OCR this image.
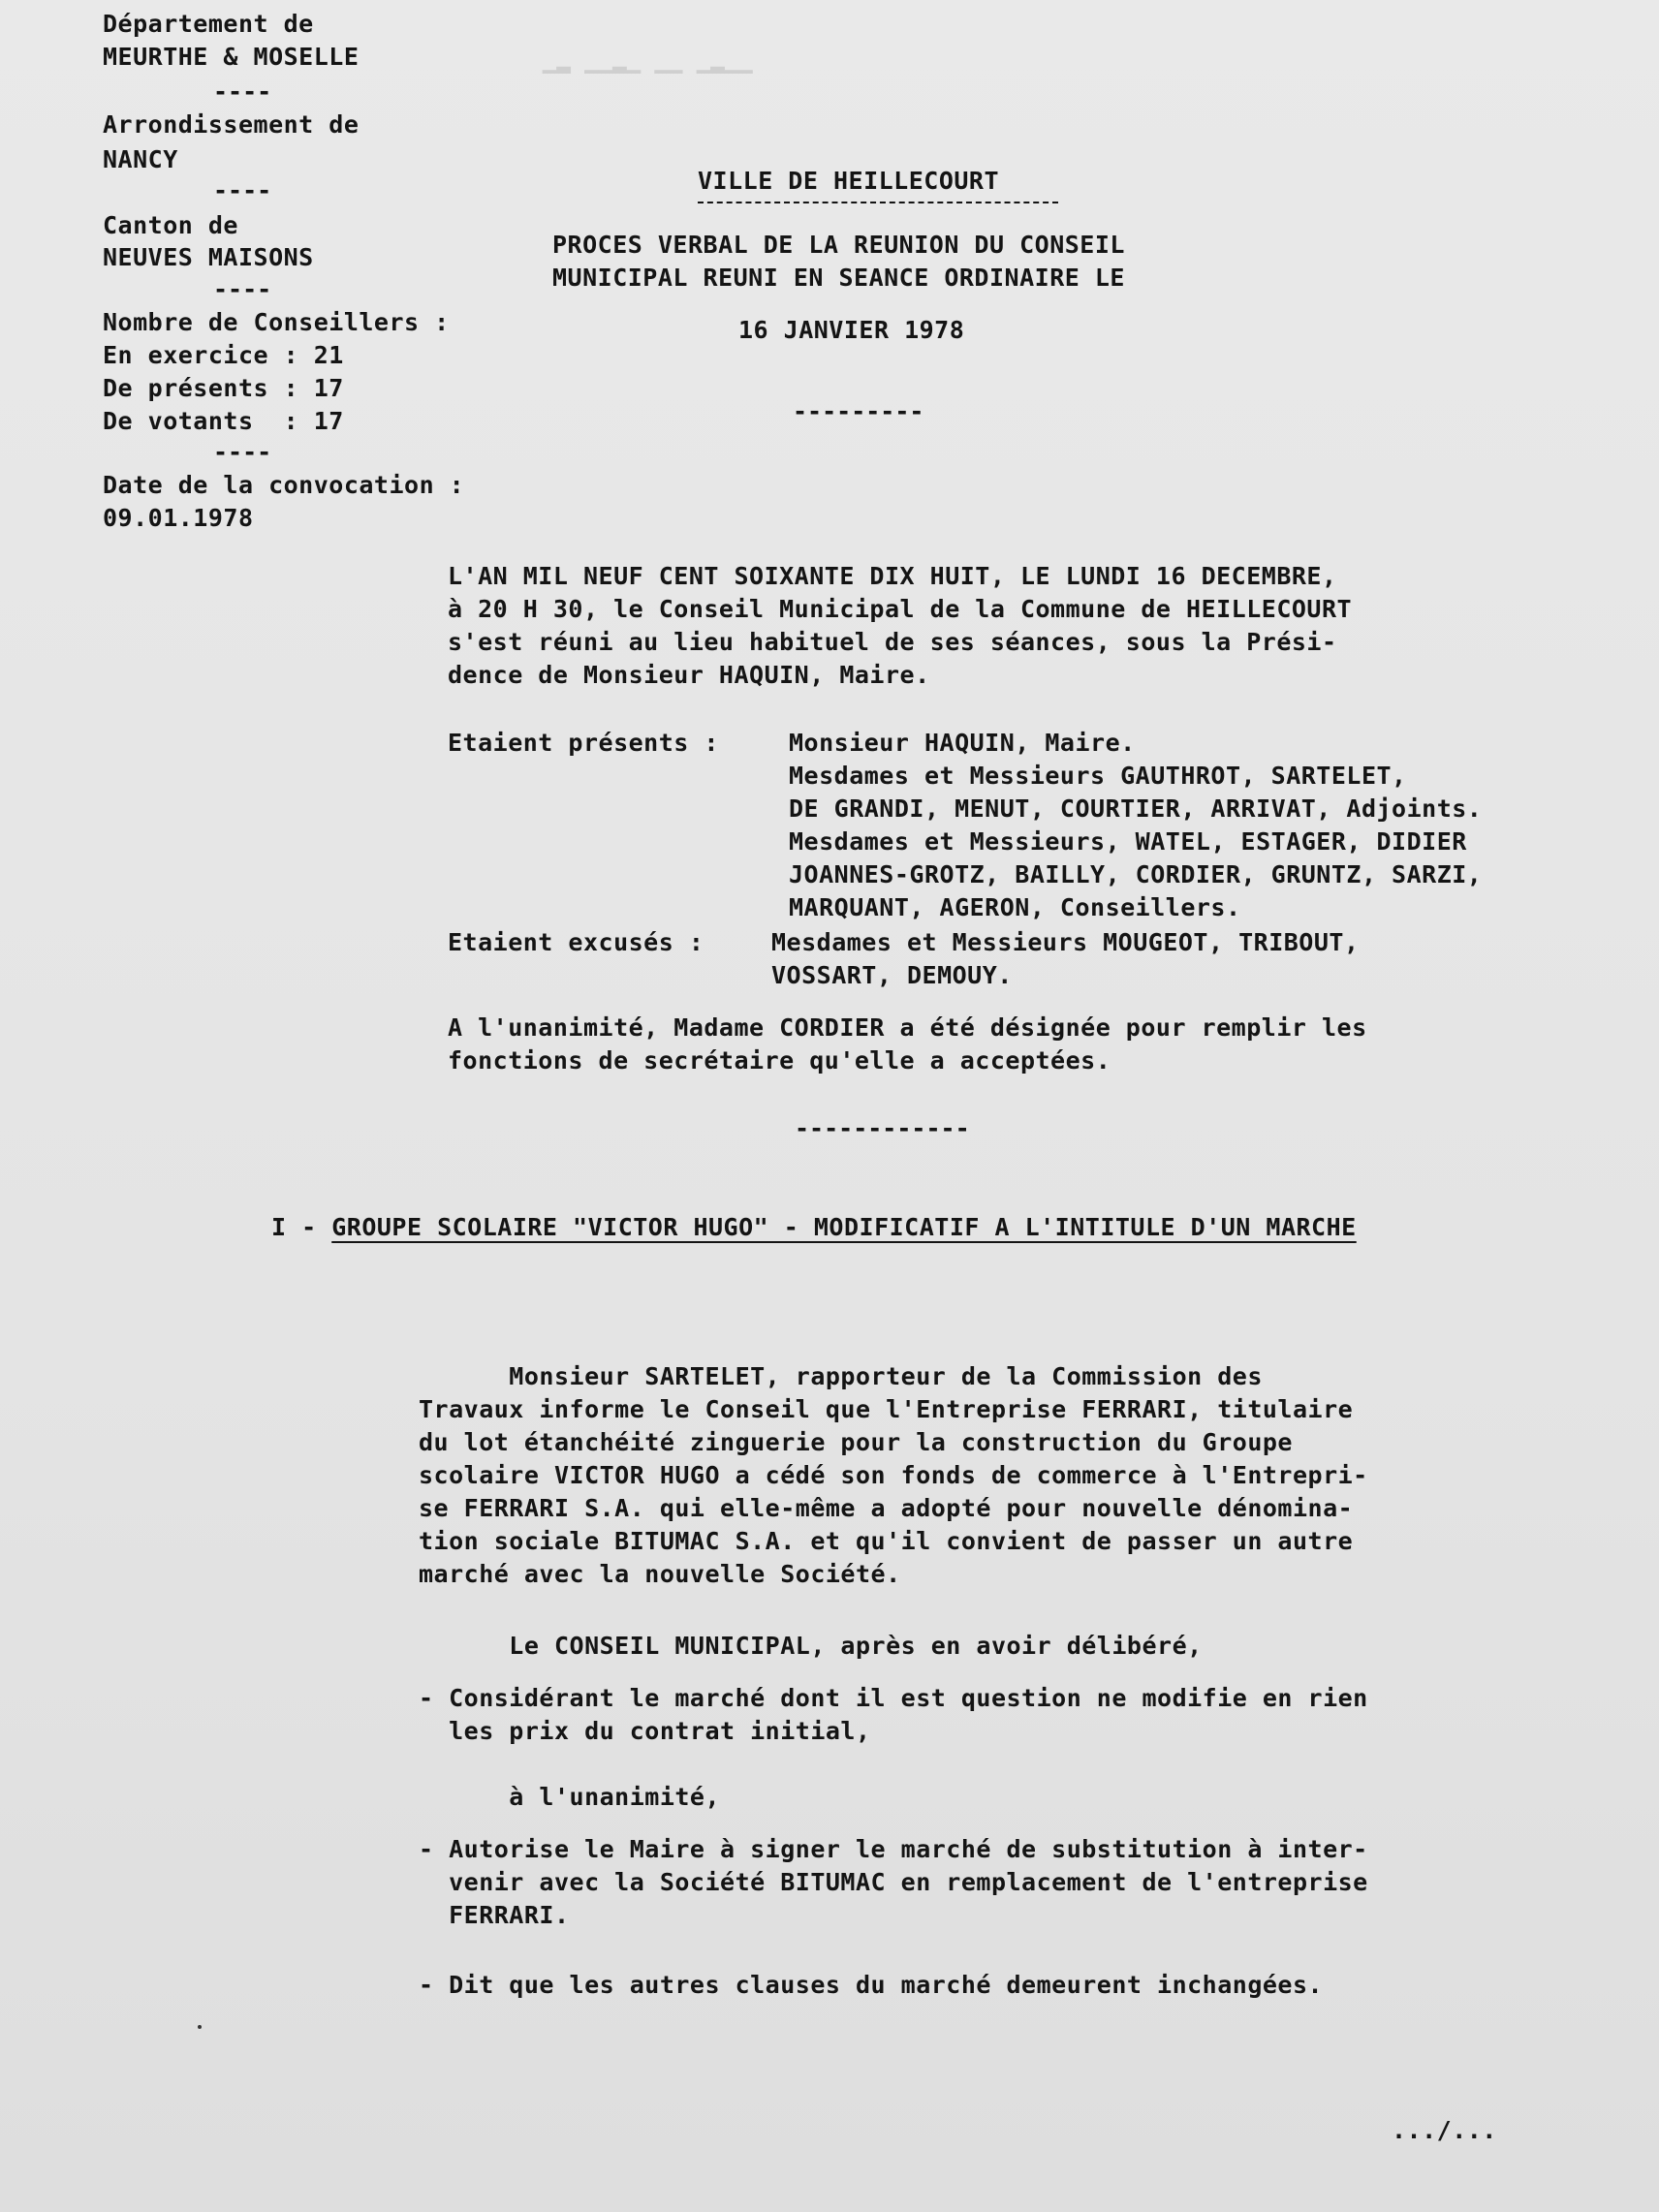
▁▂ ▁▁▂▁ ▁▁ ▁▂▁▁
Département de
MEURTHE & MOSELLE
----
Arrondissement de
NANCY
----
Canton de
NEUVES MAISONS
----
Nombre de Conseillers :
En exercice : 21
De présents : 17
De votants  : 17
----
Date de la convocation :
09.01.1978
VILLE DE HEILLECOURT
PROCES VERBAL DE LA REUNION DU CONSEIL
MUNICIPAL REUNI EN SEANCE ORDINAIRE LE
16 JANVIER 1978
---------
L'AN MIL NEUF CENT SOIXANTE DIX HUIT, LE LUNDI 16 DECEMBRE,
à 20 H 30, le Conseil Municipal de la Commune de HEILLECOURT
s'est réuni au lieu habituel de ses séances, sous la Prési-
dence de Monsieur HAQUIN, Maire.
Etaient présents :	Monsieur HAQUIN, Maire.
Mesdames et Messieurs GAUTHROT, SARTELET,
DE GRANDI, MENUT, COURTIER, ARRIVAT, Adjoints.
Mesdames et Messieurs, WATEL, ESTAGER, DIDIER
JOANNES-GROTZ, BAILLY, CORDIER, GRUNTZ, SARZI,
MARQUANT, AGERON, Conseillers.
Etaient excusés :	Mesdames et Messieurs MOUGEOT, TRIBOUT,
VOSSART, DEMOUY.
A l'unanimité, Madame CORDIER a été désignée pour remplir les
fonctions de secrétaire qu'elle a acceptées.
------------
I - GROUPE SCOLAIRE "VICTOR HUGO" - MODIFICATIF A L'INTITULE D'UN MARCHE
Monsieur SARTELET, rapporteur de la Commission des
Travaux informe le Conseil que l'Entreprise FERRARI, titulaire
du lot étanchéité zinguerie pour la construction du Groupe
scolaire VICTOR HUGO a cédé son fonds de commerce à l'Entrepri-
se FERRARI S.A. qui elle-même a adopté pour nouvelle dénomina-
tion sociale BITUMAC S.A. et qu'il convient de passer un autre
marché avec la nouvelle Société.
Le CONSEIL MUNICIPAL, après en avoir délibéré,
- Considérant le marché dont il est question ne modifie en rien
les prix du contrat initial,
à l'unanimité,
- Autorise le Maire à signer le marché de substitution à inter-
venir avec la Société BITUMAC en remplacement de l'entreprise
FERRARI.
- Dit que les autres clauses du marché demeurent inchangées.
.../...
